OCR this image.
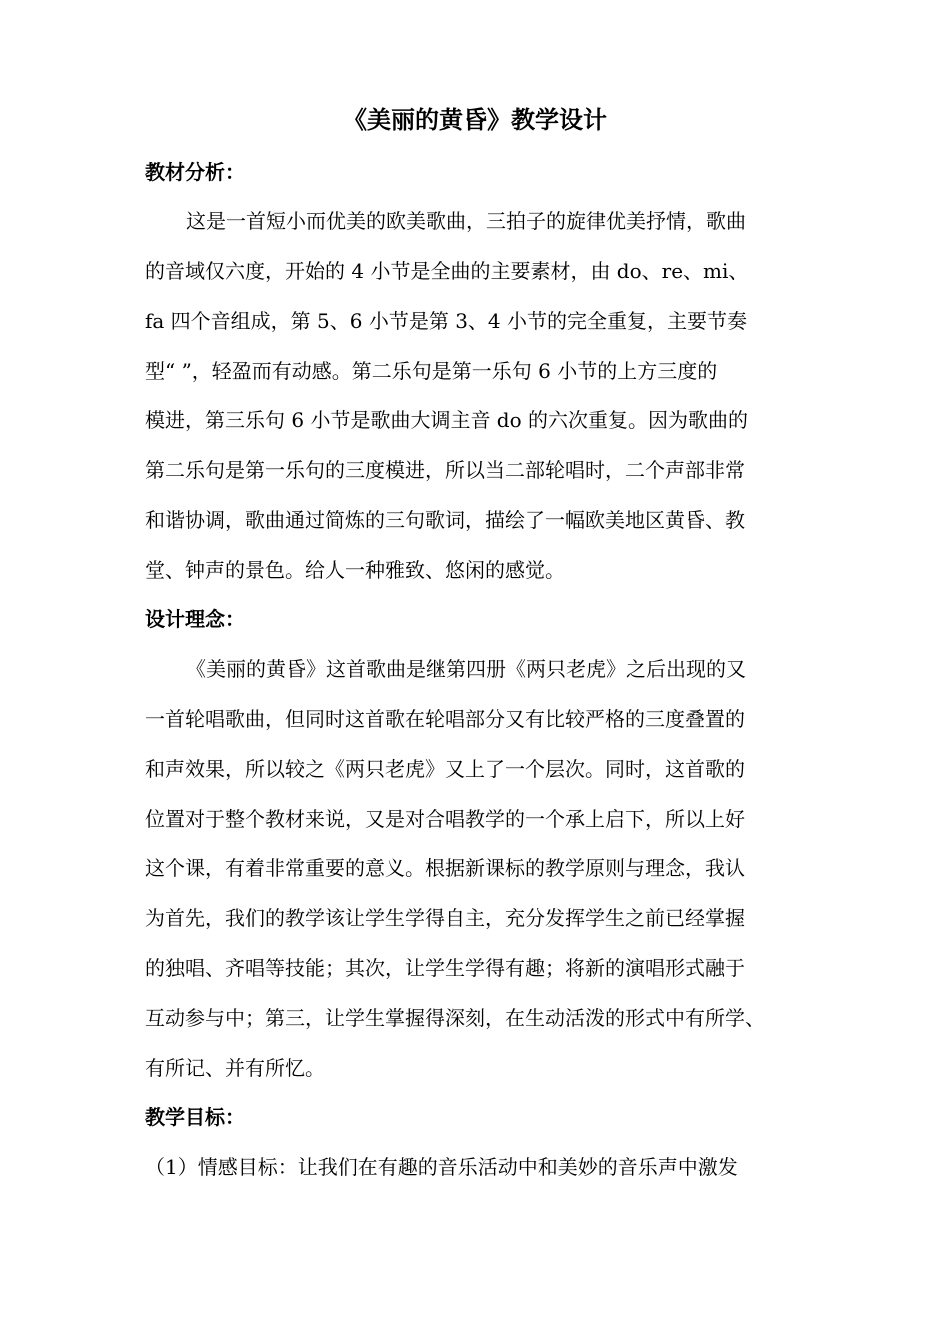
《美丽的黄昏》教学设计
教材分析：
这是一首短小而优美的欧美歌曲，三拍子的旋律优美抒情，歌曲
的音域仅六度，开始的 4 小节是全曲的主要素材，由 do、re、mi、
fa 四个音组成，第 5、6 小节是第 3、4 小节的完全重复，主要节奏
型“ ”，轻盈而有动感。第二乐句是第一乐句 6 小节的上方三度的
模进，第三乐句 6 小节是歌曲大调主音 do 的六次重复。因为歌曲的
第二乐句是第一乐句的三度模进，所以当二部轮唱时，二个声部非常
和谐协调，歌曲通过简炼的三句歌词，描绘了一幅欧美地区黄昏、教
堂、钟声的景色。给人一种雅致、悠闲的感觉。
设计理念：
《美丽的黄昏》这首歌曲是继第四册《两只老虎》之后出现的又
一首轮唱歌曲，但同时这首歌在轮唱部分又有比较严格的三度叠置的
和声效果，所以较之《两只老虎》又上了一个层次。同时，这首歌的
位置对于整个教材来说，又是对合唱教学的一个承上启下，所以上好
这个课，有着非常重要的意义。根据新课标的教学原则与理念，我认
为首先，我们的教学该让学生学得自主，充分发挥学生之前已经掌握
的独唱、齐唱等技能；其次，让学生学得有趣；将新的演唱形式融于
互动参与中；第三，让学生掌握得深刻，在生动活泼的形式中有所学、
有所记、并有所忆。
教学目标：
（1）情感目标：让我们在有趣的音乐活动中和美妙的音乐声中激发
